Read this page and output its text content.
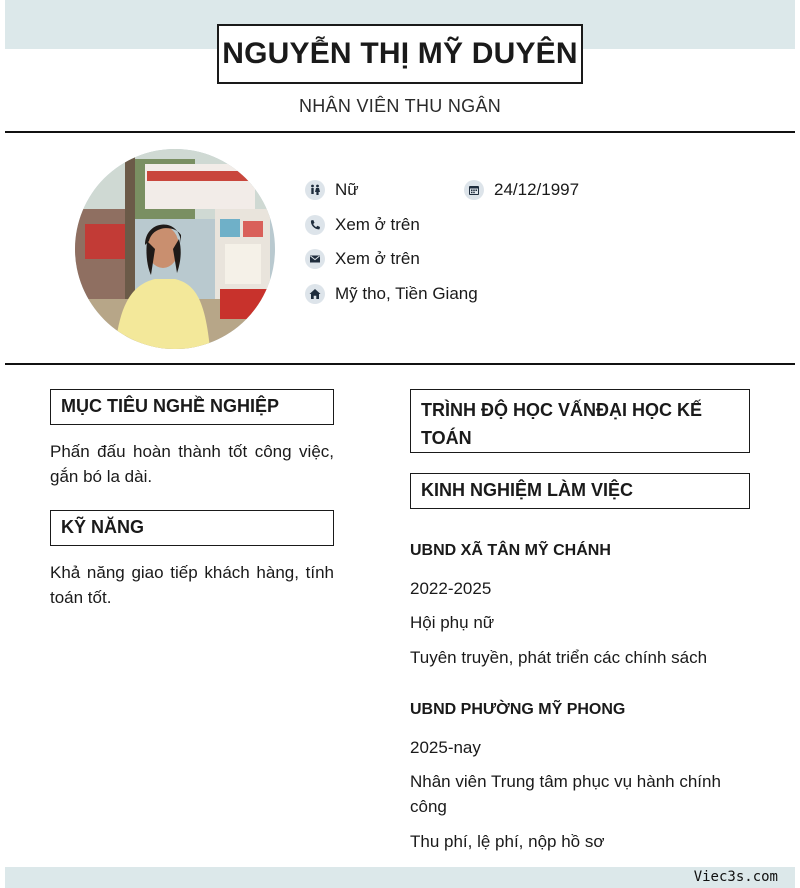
NGUYỄN THỊ MỸ DUYÊN
NHÂN VIÊN THU NGÂN
Nữ	24/12/1997
Xem ở trên
Xem ở trên
Mỹ tho, Tiền Giang
MỤC TIÊU NGHỀ NGHIỆP
Phấn đấu hoàn thành tốt công việc, gắn bó la dài.
KỸ NĂNG
Khả năng giao tiếp khách hàng, tính toán tốt.
TRÌNH ĐỘ HỌC VẤNĐẠI HỌC KẾ TOÁN
KINH NGHIỆM LÀM VIỆC
UBND XÃ TÂN MỸ CHÁNH
2022-2025
Hội phụ nữ
Tuyên truyền, phát triển các chính sách
UBND PHƯỜNG MỸ PHONG
2025-nay
Nhân viên Trung tâm phục vụ hành chính công
Thu phí, lệ phí, nộp hồ sơ
Viec3s.com
